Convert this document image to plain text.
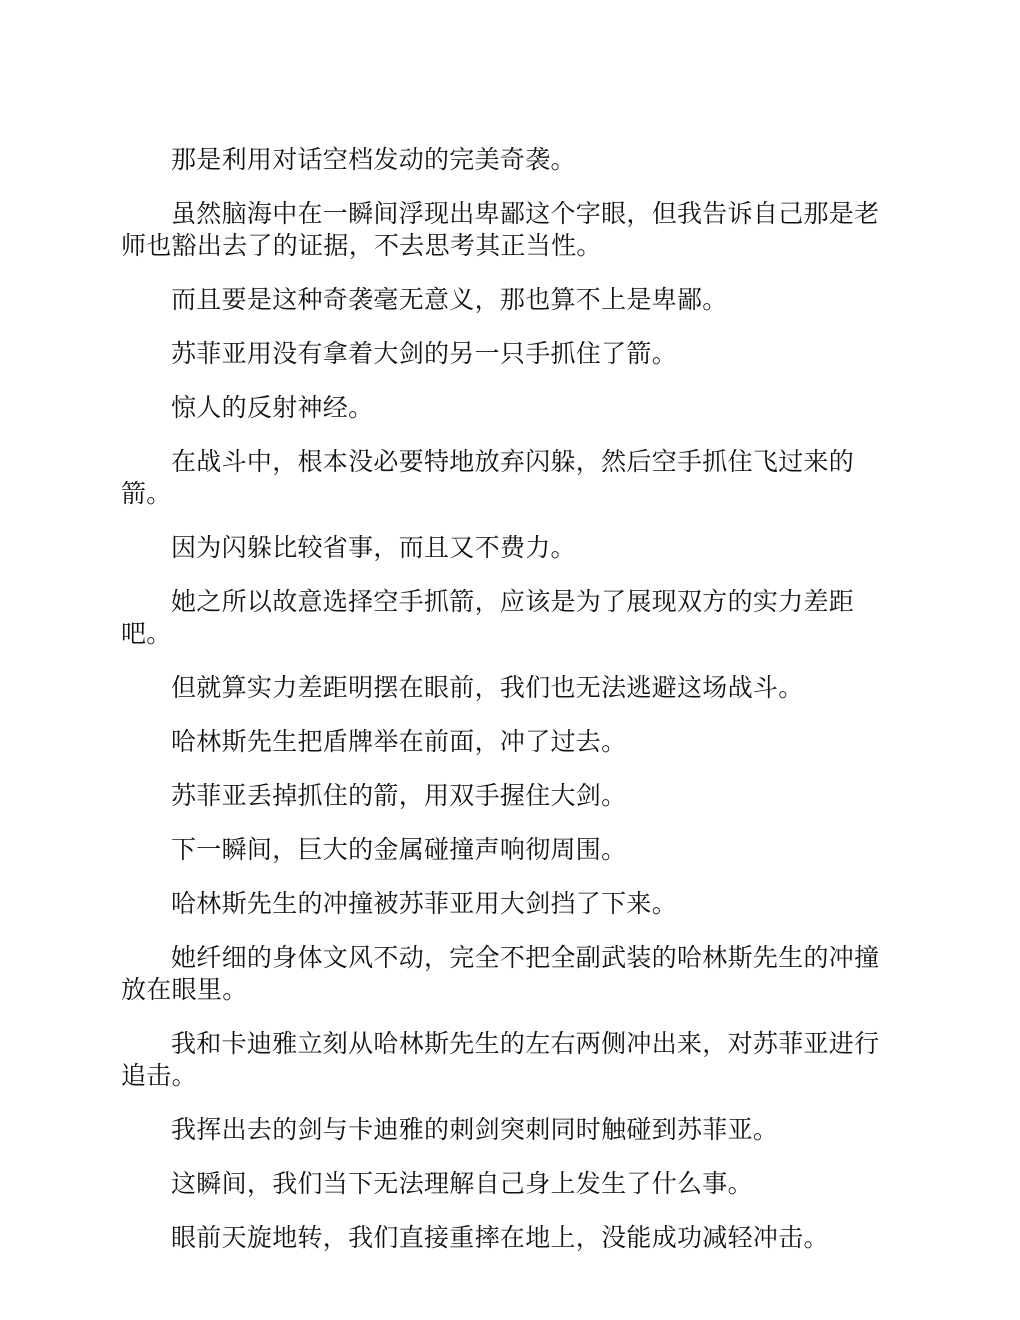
那是利用对话空档发动的完美奇袭。

虽然脑海中在一瞬间浮现出卑鄙这个字眼，但我告诉自己那是老师也豁出去了的证据，不去思考其正当性。

而且要是这种奇袭毫无意义，那也算不上是卑鄙。

苏菲亚用没有拿着大剑的另一只手抓住了箭。

惊人的反射神经。

在战斗中，根本没必要特地放弃闪躲，然后空手抓住飞过来的箭。

因为闪躲比较省事，而且又不费力。

她之所以故意选择空手抓箭，应该是为了展现双方的实力差距吧。

但就算实力差距明摆在眼前，我们也无法逃避这场战斗。

哈林斯先生把盾牌举在前面，冲了过去。

苏菲亚丢掉抓住的箭，用双手握住大剑。

下一瞬间，巨大的金属碰撞声响彻周围。

哈林斯先生的冲撞被苏菲亚用大剑挡了下来。

她纤细的身体文风不动，完全不把全副武装的哈林斯先生的冲撞放在眼里。

我和卡迪雅立刻从哈林斯先生的左右两侧冲出来，对苏菲亚进行追击。

我挥出去的剑与卡迪雅的刺剑突刺同时触碰到苏菲亚。

这瞬间，我们当下无法理解自己身上发生了什么事。

眼前天旋地转，我们直接重摔在地上，没能成功减轻冲击。
